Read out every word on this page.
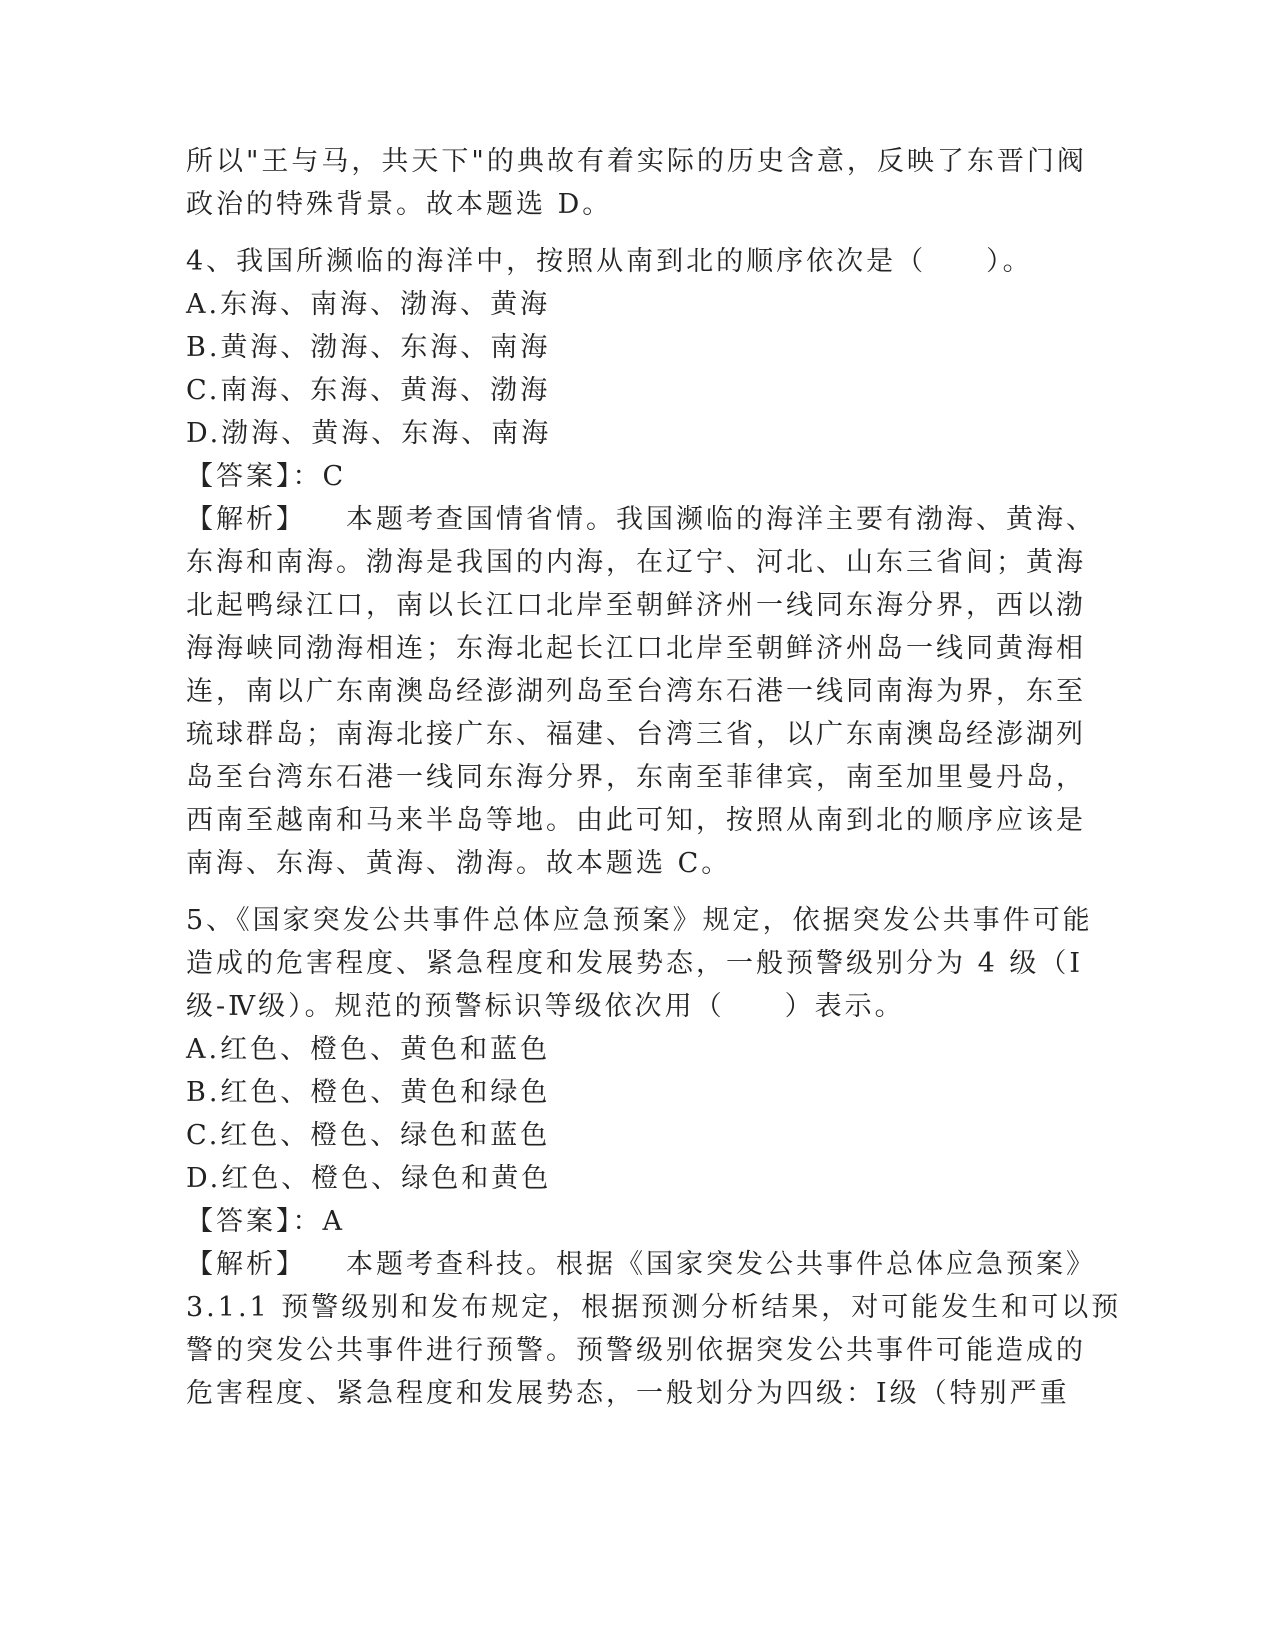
所以"王与马，共天下"的典故有着实际的历史含意，反映了东晋门阀
政治的特殊背景。故本题选 D。
4、我国所濒临的海洋中，按照从南到北的顺序依次是（　　）。
A.东海、南海、渤海、黄海
B.黄海、渤海、东海、南海
C.南海、东海、黄海、渤海
D.渤海、黄海、东海、南海
【答案】：C
【解析】 本题考查国情省情。我国濒临的海洋主要有渤海、黄海、
东海和南海。渤海是我国的内海，在辽宁、河北、山东三省间；黄海
北起鸭绿江口，南以长江口北岸至朝鲜济州一线同东海分界，西以渤
海海峡同渤海相连；东海北起长江口北岸至朝鲜济州岛一线同黄海相
连，南以广东南澳岛经澎湖列岛至台湾东石港一线同南海为界，东至
琉球群岛；南海北接广东、福建、台湾三省，以广东南澳岛经澎湖列
岛至台湾东石港一线同东海分界，东南至菲律宾，南至加里曼丹岛，
西南至越南和马来半岛等地。由此可知，按照从南到北的顺序应该是
南海、东海、黄海、渤海。故本题选 C。
5、《国家突发公共事件总体应急预案》规定，依据突发公共事件可能
造成的危害程度、紧急程度和发展势态，一般预警级别分为 4 级（Ⅰ
级-Ⅳ级）。规范的预警标识等级依次用（　　）表示。
A.红色、橙色、黄色和蓝色
B.红色、橙色、黄色和绿色
C.红色、橙色、绿色和蓝色
D.红色、橙色、绿色和黄色
【答案】：A
【解析】 本题考查科技。根据《国家突发公共事件总体应急预案》
3.1.1 预警级别和发布规定，根据预测分析结果，对可能发生和可以预
警的突发公共事件进行预警。预警级别依据突发公共事件可能造成的
危害程度、紧急程度和发展势态，一般划分为四级：Ⅰ级（特别严重
